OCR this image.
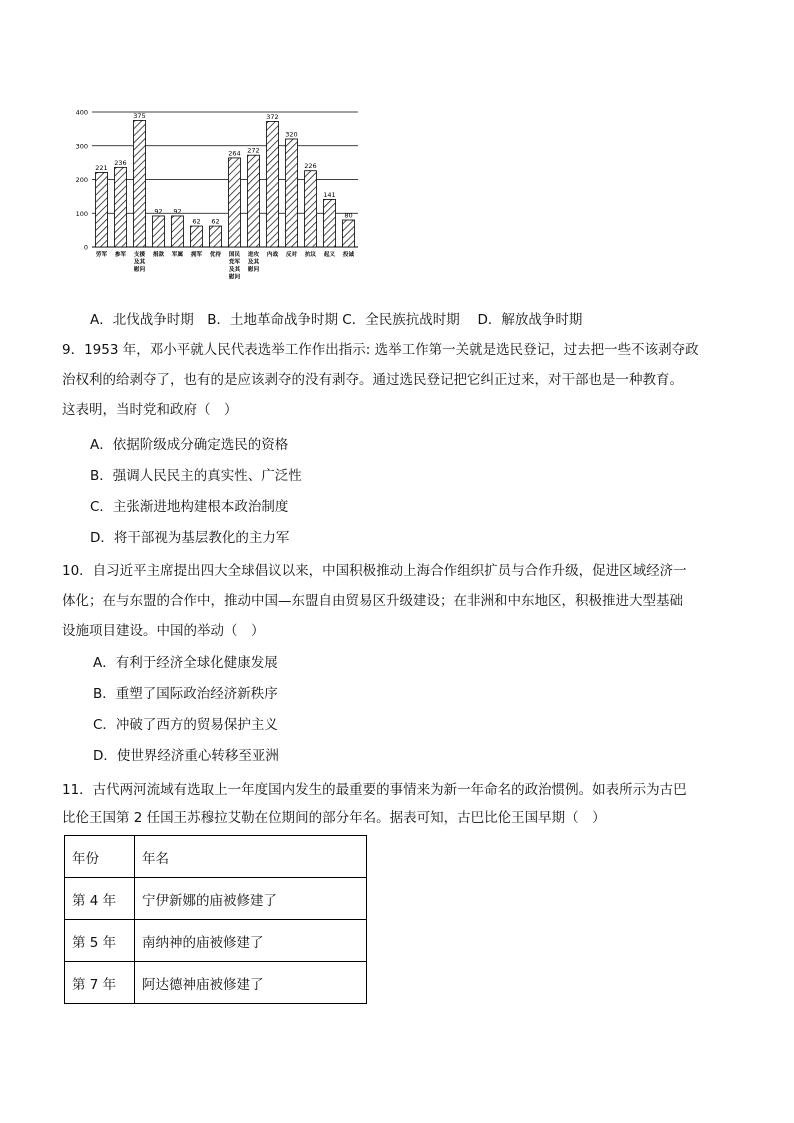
0
100
200
300
400
221
劳军
236
参军
375
支援及其慰问
92
捐款
92
军属
62
拥军
62
优待
264
国民党军及其慰问
272
进攻及其慰问
372
内战
320
反对
226
抗议
141
起义
80
投诚
A．北伐战争时期　B．土地革命战争时期 C．全民族抗战时期　 D．解放战争时期
9．1953 年，邓小平就人民代表选举工作作出指示: 选举工作第一关就是选民登记，过去把一些不该剥夺政
治权利的给剥夺了，也有的是应该剥夺的没有剥夺。通过选民登记把它纠正过来，对干部也是一种教育。
这表明，当时党和政府（　）
A．依据阶级成分确定选民的资格
B．强调人民民主的真实性、广泛性
C．主张渐进地构建根本政治制度
D．将干部视为基层教化的主力军
10．自习近平主席提出四大全球倡议以来，中国积极推动上海合作组织扩员与合作升级，促进区域经济一
体化；在与东盟的合作中，推动中国—东盟自由贸易区升级建设；在非洲和中东地区，积极推进大型基础
设施项目建设。中国的举动（　）
A．有利于经济全球化健康发展
B．重塑了国际政治经济新秩序
C．冲破了西方的贸易保护主义
D．使世界经济重心转移至亚洲
11．古代两河流域有选取上一年度国内发生的最重要的事情来为新一年命名的政治惯例。如表所示为古巴
比伦王国第 2 任国王苏穆拉艾勒在位期间的部分年名。据表可知，古巴比伦王国早期（　）
年份	年名
第 4 年	宁伊新娜的庙被修建了
第 5 年	南纳神的庙被修建了
第 7 年	阿达德神庙被修建了
